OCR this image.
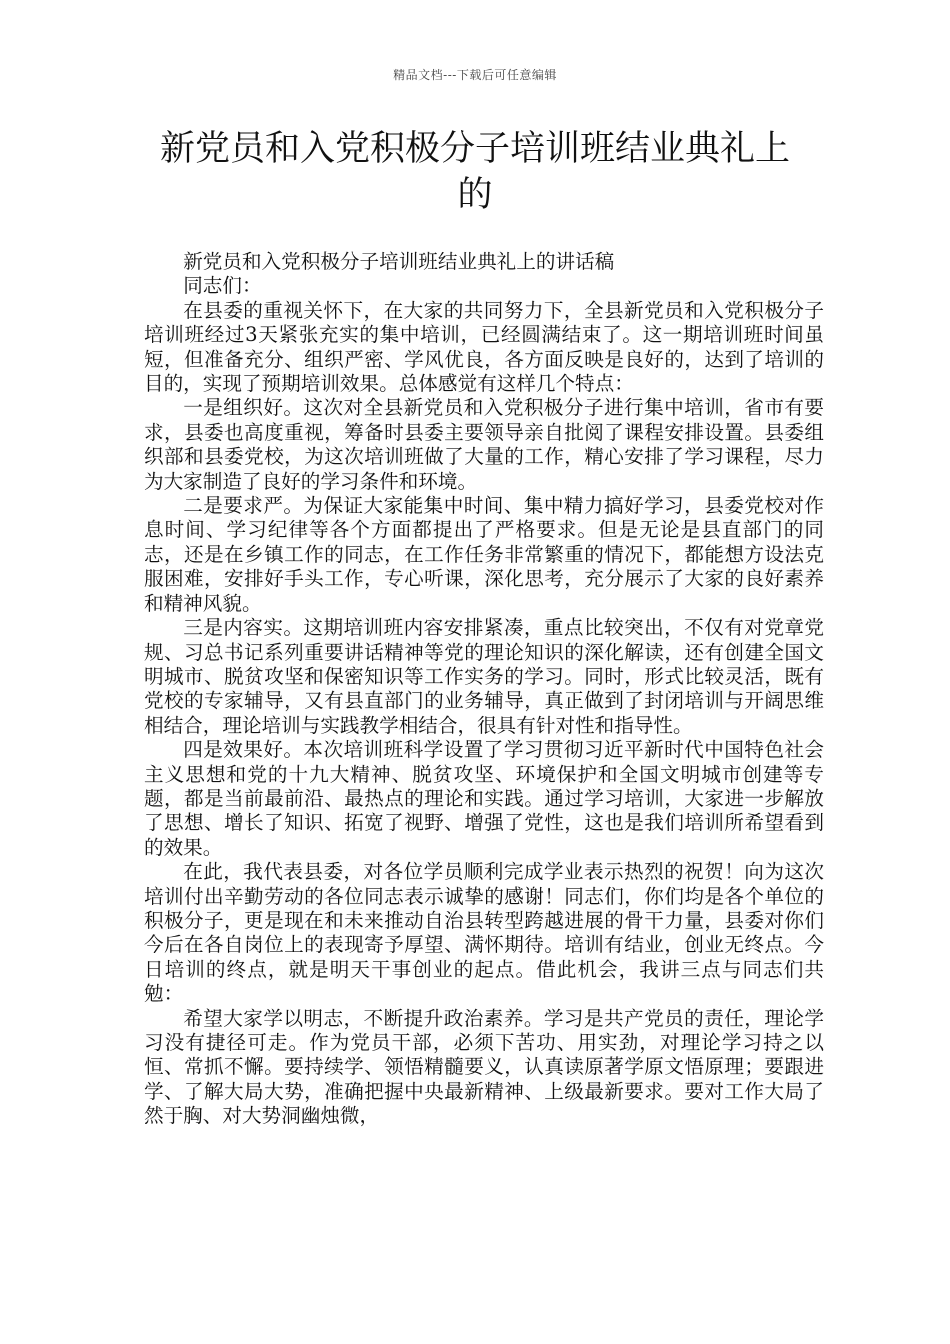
精品文档---下载后可任意编辑
新党员和入党积极分子培训班结业典礼上的

新党员和入党积极分子培训班结业典礼上的讲话稿

同志们：

在县委的重视关怀下，在大家的共同努力下，全县新党员和入党积极分子培训班经过3天紧张充实的集中培训，已经圆满结束了。这一期培训班时间虽短，但准备充分、组织严密、学风优良，各方面反映是良好的，达到了培训的目的，实现了预期培训效果。总体感觉有这样几个特点：

一是组织好。这次对全县新党员和入党积极分子进行集中培训，省市有要求，县委也高度重视，筹备时县委主要领导亲自批阅了课程安排设置。县委组织部和县委党校，为这次培训班做了大量的工作，精心安排了学习课程，尽力为大家制造了良好的学习条件和环境。

二是要求严。为保证大家能集中时间、集中精力搞好学习，县委党校对作息时间、学习纪律等各个方面都提出了严格要求。但是无论是县直部门的同志，还是在乡镇工作的同志，在工作任务非常繁重的情况下，都能想方设法克服困难，安排好手头工作，专心听课，深化思考，充分展示了大家的良好素养和精神风貌。

三是内容实。这期培训班内容安排紧凑，重点比较突出，不仅有对党章党规、习总书记系列重要讲话精神等党的理论知识的深化解读，还有创建全国文明城市、脱贫攻坚和保密知识等工作实务的学习。同时，形式比较灵活，既有党校的专家辅导，又有县直部门的业务辅导，真正做到了封闭培训与开阔思维相结合，理论培训与实践教学相结合，很具有针对性和指导性。

四是效果好。本次培训班科学设置了学习贯彻习近平新时代中国特色社会主义思想和党的十九大精神、脱贫攻坚、环境保护和全国文明城市创建等专题，都是当前最前沿、最热点的理论和实践。通过学习培训，大家进一步解放了思想、增长了知识、拓宽了视野、增强了党性，这也是我们培训所希望看到的效果。

在此，我代表县委，对各位学员顺利完成学业表示热烈的祝贺！向为这次培训付出辛勤劳动的各位同志表示诚挚的感谢！同志们，你们均是各个单位的积极分子，更是现在和未来推动自治县转型跨越进展的骨干力量，县委对你们今后在各自岗位上的表现寄予厚望、满怀期待。培训有结业，创业无终点。今日培训的终点，就是明天干事创业的起点。借此机会，我讲三点与同志们共勉：

希望大家学以明志，不断提升政治素养。学习是共产党员的责任，理论学习没有捷径可走。作为党员干部，必须下苦功、用实劲，对理论学习持之以恒、常抓不懈。要持续学、领悟精髓要义，认真读原著学原文悟原理；要跟进学、了解大局大势，准确把握中央最新精神、上级最新要求。要对工作大局了然于胸、对大势洞幽烛微，
